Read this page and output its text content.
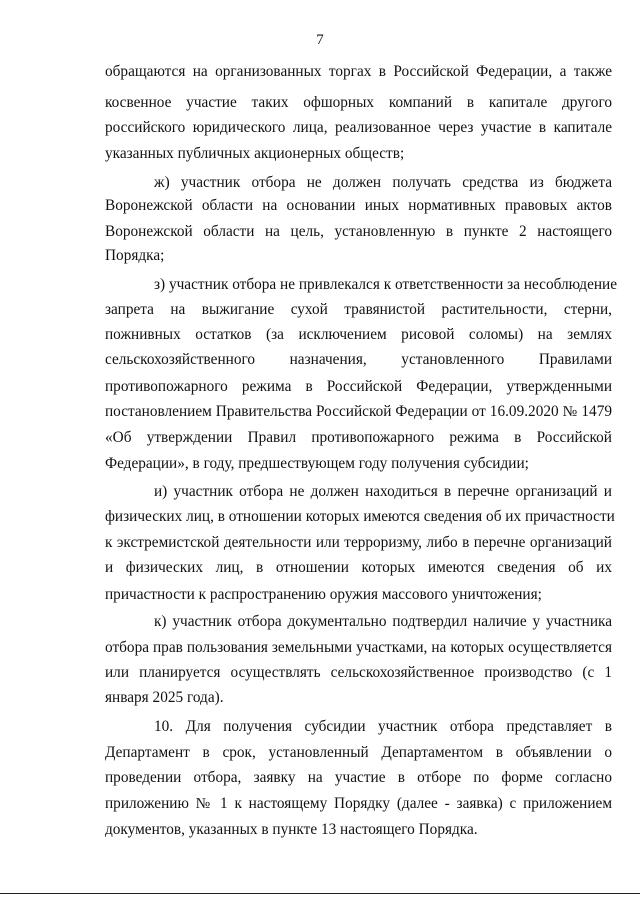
7
обращаются на организованных торгах в Российской Федерации, а также
косвенное участие таких офшорных компаний в капитале другого
российского юридического лица, реализованное через участие в капитале
указанных публичных акционерных обществ;
ж) участник отбора не должен получать средства из бюджета
Воронежской области на основании иных нормативных правовых актов
Воронежской области на цель, установленную в пункте 2 настоящего
Порядка;
з) участник отбора не привлекался к ответственности за несоблюдение
запрета на выжигание сухой травянистой растительности, стерни,
пожнивных остатков (за исключением рисовой соломы) на землях
сельскохозяйственного назначения, установленного Правилами
противопожарного режима в Российской Федерации, утвержденными
постановлением Правительства Российской Федерации от 16.09.2020 № 1479
«Об утверждении Правил противопожарного режима в Российской
Федерации», в году, предшествующем году получения субсидии;
и) участник отбора не должен находиться в перечне организаций и
физических лиц, в отношении которых имеются сведения об их причастности
к экстремистской деятельности или терроризму, либо в перечне организаций
и физических лиц, в отношении которых имеются сведения об их
причастности к распространению оружия массового уничтожения;
к) участник отбора документально подтвердил наличие у участника
отбора прав пользования земельными участками, на которых осуществляется
или планируется осуществлять сельскохозяйственное производство (с 1
января 2025 года).
10. Для получения субсидии участник отбора представляет в
Департамент в срок, установленный Департаментом в объявлении о
проведении отбора, заявку на участие в отборе по форме согласно
приложению № 1 к настоящему Порядку (далее - заявка) с приложением
документов, указанных в пункте 13 настоящего Порядка.
